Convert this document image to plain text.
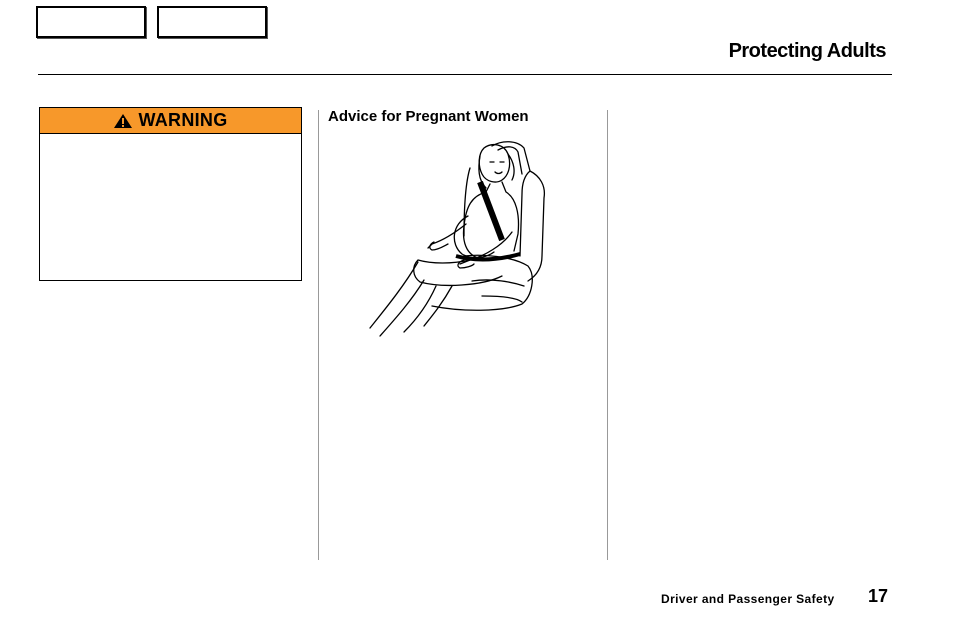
Protecting Adults
WARNING	Advice for Pregnant Women
Driver and Passenger Safety 17
